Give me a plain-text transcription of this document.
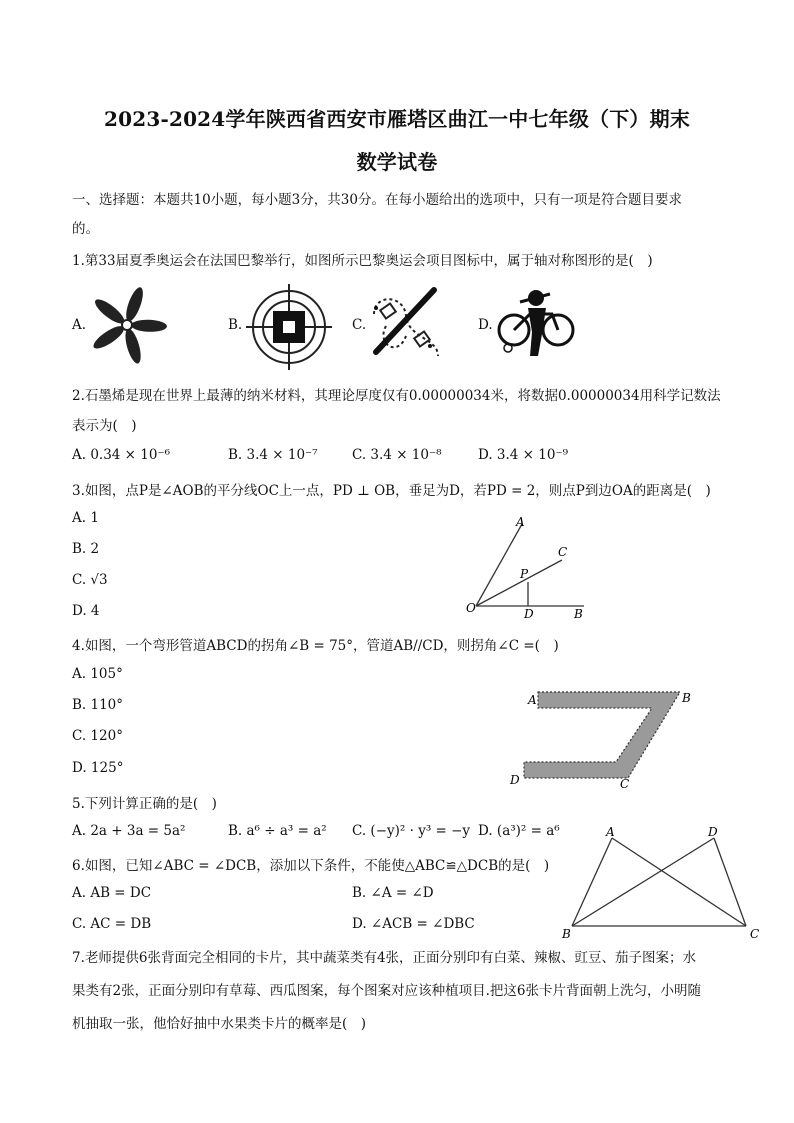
2023-2024学年陕西省西安市雁塔区曲江一中七年级（下）期末
数学试卷
一、选择题：本题共10小题，每小题3分，共30分。在每小题给出的选项中，只有一项是符合题目要求
的。
1.第33届夏季奥运会在法国巴黎举行，如图所示巴黎奥运会项目图标中，属于轴对称图形的是(　)
A.	B.	C.	D.
2.石墨烯是现在世界上最薄的纳米材料，其理论厚度仅有0.00000034米，将数据0.00000034用科学记数法
表示为(　)
A. 0.34 × 10⁻⁶	B. 3.4 × 10⁻⁷	C. 3.4 × 10⁻⁸	D. 3.4 × 10⁻⁹
3.如图，点P是∠AOB的平分线OC上一点，PD ⊥ OB，垂足为D，若PD = 2，则点P到边OA的距离是(　)
A. 1
B. 2
C. √3
D. 4
A
C
P
O	D	B
4.如图，一个弯形管道ABCD的拐角∠B = 75°，管道AB//CD，则拐角∠C =(　)
A. 105°
B. 110°
C. 120°
D. 125°
A	B
D	C
5.下列计算正确的是(　)
A. 2a + 3a = 5a²	B. a⁶ ÷ a³ = a² C. (−y)² · y³ = −y D. (a³)² = a⁶
6.如图，已知∠ABC = ∠DCB，添加以下条件，不能使△ABC≌△DCB的是(　)
A. AB = DC	B. ∠A = ∠D
C. AC = DB	D. ∠ACB = ∠DBC
A	D
B	C
7.老师提供6张背面完全相同的卡片，其中蔬菜类有4张，正面分别印有白菜、辣椒、豇豆、茄子图案；水
果类有2张，正面分别印有草莓、西瓜图案，每个图案对应该种植项目.把这6张卡片背面朝上洗匀，小明随
机抽取一张，他恰好抽中水果类卡片的概率是(　)
